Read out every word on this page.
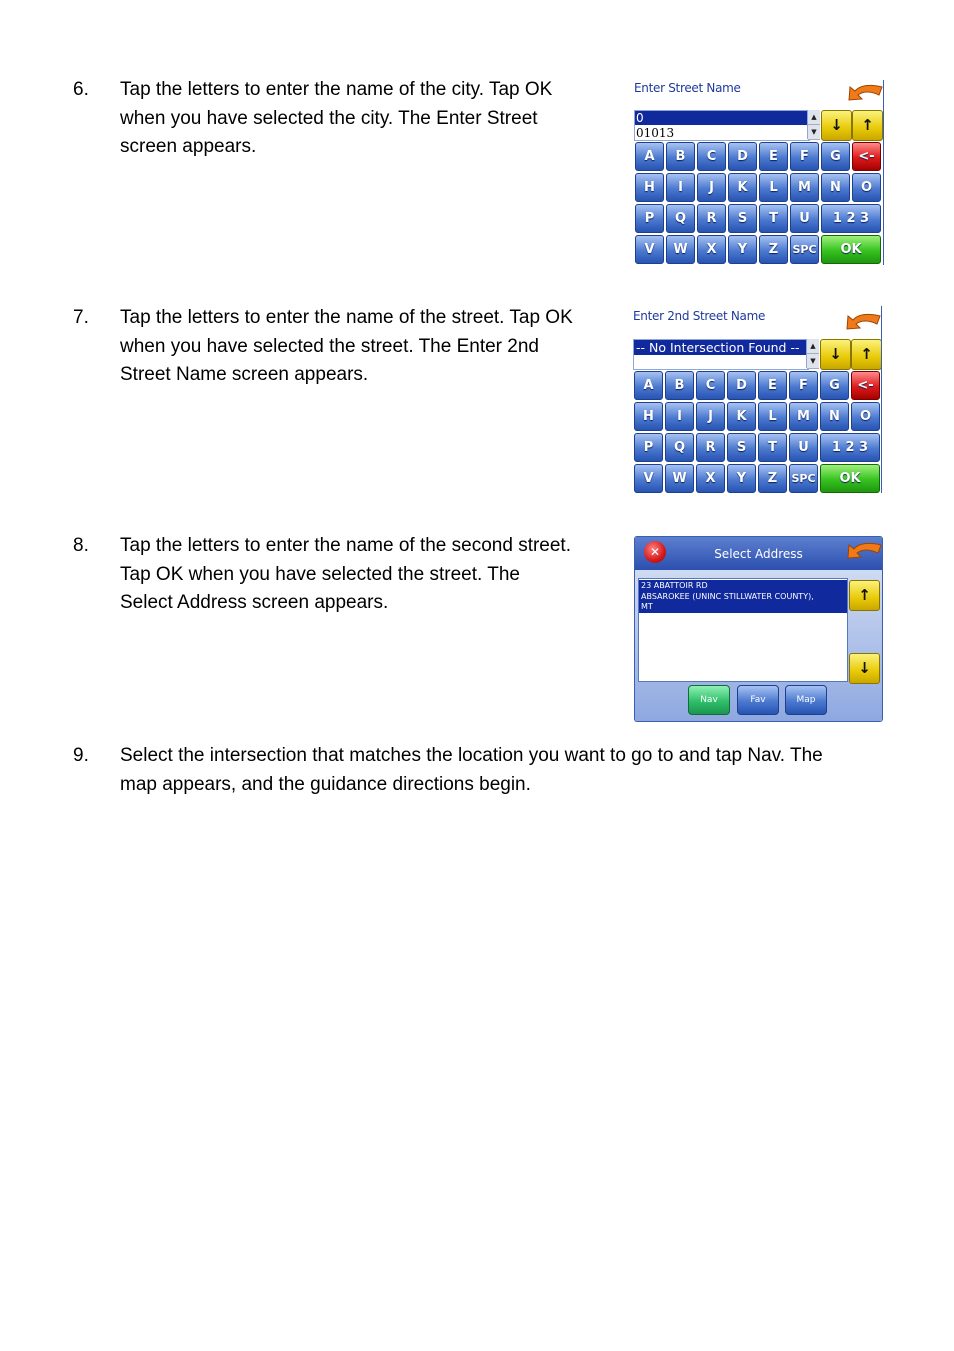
6. Tap the letters to enter the name of the city. Tap OK
when you have selected the city. The Enter Street
screen appears.
Enter Street Name
0
01013
▲
▼ ↓	↑
A	B	C	D	E	F	G	<-
H	I	J	K	L	M	N	O
P	Q	R	S	T	U	1 2 3
V	W	X	Y	Z	SPC	OK
7. Tap the letters to enter the name of the street. Tap OK
when you have selected the street. The Enter 2nd
Street Name screen appears.
Enter 2nd Street Name
-- No Intersection Found --	▲
▼ ↓	↑
A	B	C	D	E	F	G	<-
H	I	J	K	L	M	N	O
P	Q	R	S	T	U	1 2 3
V	W	X	Y	Z	SPC	OK
8. Tap the letters to enter the name of the second street.
Tap OK when you have selected the street. The
Select Address screen appears.
✕	Select Address
23 ABATTOIR RD
ABSAROKEE (UNINC STILLWATER COUNTY),
MT
↑
↓
Nav	Fav	Map
9. Select the intersection that matches the location you want to go to and tap Nav. The
map appears, and the guidance directions begin.
